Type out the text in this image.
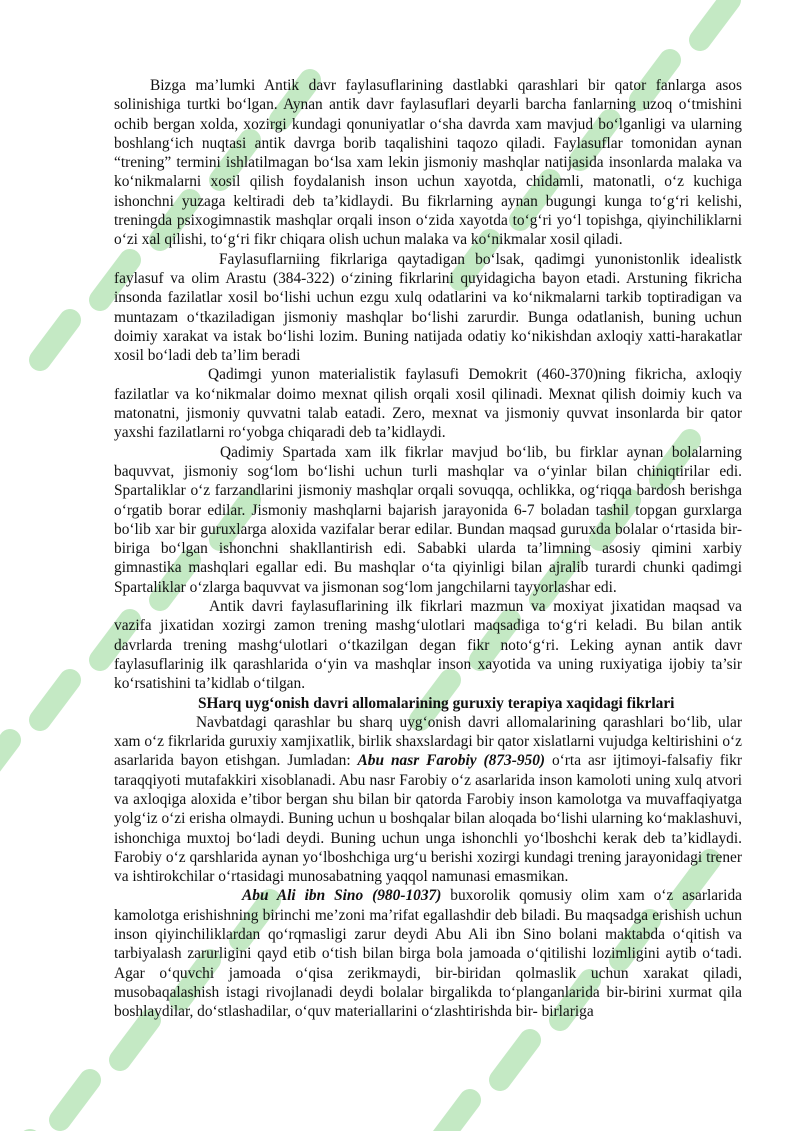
Bizga ma’lumki Antik davr faylasuflarining dastlabki qarashlari bir qator fanlarga asos solinishiga turtki bo‘lgan. Aynan antik davr faylasuflari deyarli barcha fanlarning uzoq o‘tmishini ochib bergan xolda, xozirgi kundagi qonuniyatlar o‘sha davrda xam mavjud bo‘lganligi va ularning boshlang‘ich nuqtasi antik davrga borib taqalishini taqozo qiladi. Faylasuflar tomonidan aynan “trening” termini ishlatilmagan bo‘lsa xam lekin jismoniy mashqlar natijasida insonlarda malaka va ko‘nikmalarni xosil qilish foydalanish inson uchun xayotda, chidamli, matonatli, o‘z kuchiga ishonchni yuzaga keltiradi deb ta’kidlaydi. Bu fikrlarning aynan bugungi kunga to‘g‘ri kelishi, treningda psixogimnastik mashqlar orqali inson o‘zida xayotda to‘g‘ri yo‘l topishga, qiyinchiliklarni o‘zi xal qilishi, to‘g‘ri fikr chiqara olish uchun malaka va ko‘nikmalar xosil qiladi.

Faylasuflarniing fikrlariga qaytadigan bo‘lsak, qadimgi yunonistonlik idealistk faylasuf va olim Arastu (384-322) o‘zining fikrlarini quyidagicha bayon etadi. Arstuning fikricha insonda fazilatlar xosil bo‘lishi uchun ezgu xulq odatlarini va ko‘nikmalarni tarkib toptiradigan va muntazam o‘tkaziladigan jismoniy mashqlar bo‘lishi zarurdir. Bunga odatlanish, buning uchun doimiy xarakat va istak bo‘lishi lozim. Buning natijada odatiy ko‘nikishdan axloqiy xatti-harakatlar xosil bo‘ladi deb ta’lim beradi

Qadimgi yunon materialistik faylasufi Demokrit (460-370)ning fikricha, axloqiy fazilatlar va ko‘nikmalar doimo mexnat qilish orqali xosil qilinadi. Mexnat qilish doimiy kuch va matonatni, jismoniy quvvatni talab eatadi. Zero, mexnat va jismoniy quvvat insonlarda bir qator yaxshi fazilatlarni ro‘yobga chiqaradi deb ta’kidlaydi.

Qadimiy Spartada xam ilk fikrlar mavjud bo‘lib, bu firklar aynan bolalarning baquvvat, jismoniy sog‘lom bo‘lishi uchun turli mashqlar va o‘yinlar bilan chiniqtirilar edi. Spartaliklar o‘z farzandlarini jismoniy mashqlar orqali sovuqqa, ochlikka, og‘riqqa bardosh berishga o‘rgatib borar edilar. Jismoniy mashqlarni bajarish jarayonida 6-7 boladan tashil topgan gurxlarga bo‘lib xar bir guruxlarga aloxida vazifalar berar edilar. Bundan maqsad guruxda bolalar o‘rtasida bir-biriga bo‘lgan ishonchni shakllantirish edi. Sababki ularda ta’limning asosiy qimini xarbiy gimnastika mashqlari egallar edi. Bu mashqlar o‘ta qiyinligi bilan ajralib turardi chunki qadimgi Spartaliklar o‘zlarga baquvvat va jismonan sog‘lom jangchilarni tayyorlashar edi.

Antik davri faylasuflarining ilk fikrlari mazmun va moxiyat jixatidan maqsad va vazifa jixatidan xozirgi zamon trening mashg‘ulotlari maqsadiga to‘g‘ri keladi. Bu bilan antik davrlarda trening mashg‘ulotlari o‘tkazilgan degan fikr noto‘g‘ri. Leking aynan antik davr faylasuflarinig ilk qarashlarida o‘yin va mashqlar inson xayotida va uning ruxiyatiga ijobiy ta’sir ko‘rsatishini ta’kidlab o‘tilgan.

SHarq uyg‘onish davri allomalarining guruxiy terapiya xaqidagi fikrlari

Navbatdagi qarashlar bu sharq uyg‘onish davri allomalarining qarashlari bo‘lib, ular xam o‘z fikrlarida guruxiy xamjixatlik, birlik shaxslardagi bir qator xislatlarni vujudga keltirishini o‘z asarlarida bayon etishgan. Jumladan: Abu nasr Farobiy (873-950) o‘rta asr ijtimoyi-falsafiy fikr taraqqiyoti mutafakkiri xisoblanadi. Abu nasr Farobiy o‘z asarlarida inson kamoloti uning xulq atvori va axloqiga aloxida e’tibor bergan shu bilan bir qatorda Farobiy inson kamolotga va muvaffaqiyatga yolg‘iz o‘zi erisha olmaydi. Buning uchun u boshqalar bilan aloqada bo‘lishi ularning ko‘maklashuvi, ishonchiga muxtoj bo‘ladi deydi. Buning uchun unga ishonchli yo‘lboshchi kerak deb ta’kidlaydi. Farobiy o‘z qarshlarida aynan yo‘lboshchiga urg‘u berishi xozirgi kundagi trening jarayonidagi trener va ishtirokchilar o‘rtasidagi munosabatning yaqqol namunasi emasmikan.

Abu Ali ibn Sino (980-1037) buxorolik qomusiy olim xam o‘z asarlarida kamolotga erishishning birinchi me’zoni ma’rifat egallashdir deb biladi. Bu maqsadga erishish uchun inson qiyinchiliklardan qo‘rqmasligi zarur deydi Abu Ali ibn Sino bolani maktabda o‘qitish va tarbiyalash zarurligini qayd etib o‘tish bilan birga bola jamoada o‘qitilishi lozimligini aytib o‘tadi. Agar o‘quvchi jamoada o‘qisa zerikmaydi, bir-biridan qolmaslik uchun xarakat qiladi, musobaqalashish istagi rivojlanadi deydi bolalar birgalikda to‘planganlarida bir-birini xurmat qila boshlaydilar, do‘stlashadilar, o‘quv materiallarini o‘zlashtirishda bir- birlariga
